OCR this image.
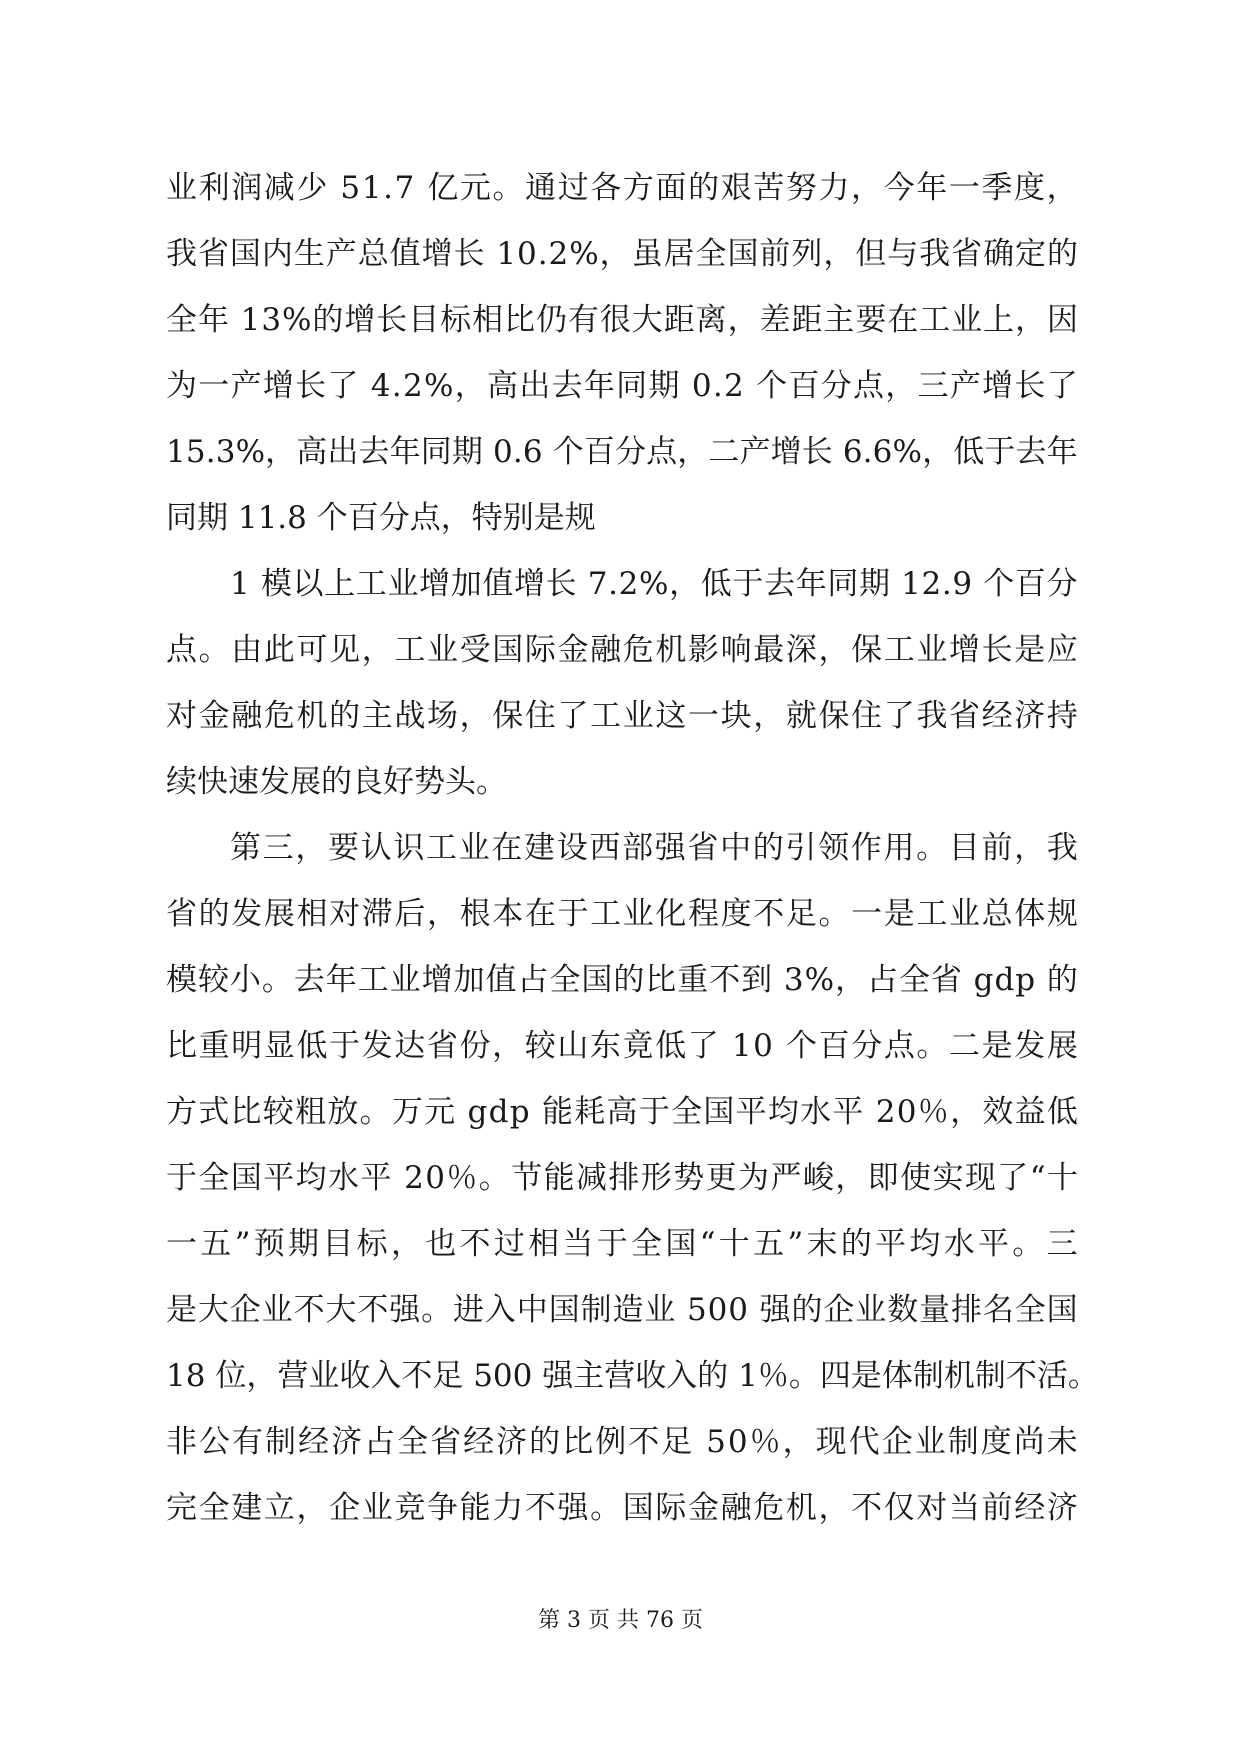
业 利 润 减 少
5 1 . 7
亿 元 。 通 过 各 方 面 的 艰 苦 努 力 ， 今 年 一 季 度 ，
我 省 国 内 生 产 总 值 增 长
1 0 . 2 % ， 虽 居 全 国 前 列 ， 但 与 我 省 确 定 的
全 年
1 3 % 的 增 长 目 标 相 比 仍 有 很 大 距 离 ， 差 距 主 要 在 工 业 上 ， 因
为 一 产 增 长 了
4 . 2 % ， 高 出 去 年 同 期
0 . 2
个 百 分 点 ， 三 产 增 长 了
1 5 . 3 % ， 高 出 去 年 同 期
0 . 6
个 百 分 点 ， 二 产 增 长
6 . 6 % ， 低 于 去 年
同期 11.8 个百分点，特别是规
1
模 以 上 工 业 增 加 值 增 长
7 . 2 % ， 低 于 去 年 同 期
1 2 . 9
个 百 分
点 。 由 此 可 见 ， 工 业 受 国 际 金 融 危 机 影 响 最 深 ， 保 工 业 增 长 是 应
对 金 融 危 机 的 主 战 场 ， 保 住 了 工 业 这 一 块 ， 就 保 住 了 我 省 经 济 持
续快速发展的良好势头。
第 三 ， 要 认 识 工 业 在 建 设 西 部 强 省 中 的 引 领 作 用 。 目 前 ， 我
省 的 发 展 相 对 滞 后 ， 根 本 在 于 工 业 化 程 度 不 足 。 一 是 工 业 总 体 规
模 较 小 。 去 年 工 业 增 加 值 占 全 国 的 比 重 不 到
3 % ， 占 全 省
g d p
的
比 重 明 显 低 于 发 达 省 份 ， 较 山 东 竟 低 了
1 0
个 百 分 点 。 二 是 发 展
方 式 比 较 粗 放 。 万 元
g d p
能 耗 高 于 全 国 平 均 水 平
2 0 ％ ， 效 益 低
于 全 国 平 均 水 平
2 0 ％ 。 节 能 减 排 形 势 更 为 严 峻 ， 即 使 实 现 了 “ 十
一 五 ” 预 期 目 标 ， 也 不 过 相 当 于 全 国 “ 十 五 ” 末 的 平 均 水 平 。 三
是 大 企 业 不 大 不 强 。 进 入 中 国 制 造 业
5 0 0
强 的 企 业 数 量 排 名 全 国
1 8
位 ， 营 业 收 入 不 足
5 0 0
强 主 营 收 入 的
1 ％ 。 四 是 体 制 机 制 不 活 。
非 公 有 制 经 济 占 全 省 经 济 的 比 例 不 足
5 0 ％ ， 现 代 企 业 制 度 尚 未
完 全 建 立 ， 企 业 竞 争 能 力 不 强 。 国 际 金 融 危 机 ， 不 仅 对 当 前 经 济
第 3 页 共 76 页
